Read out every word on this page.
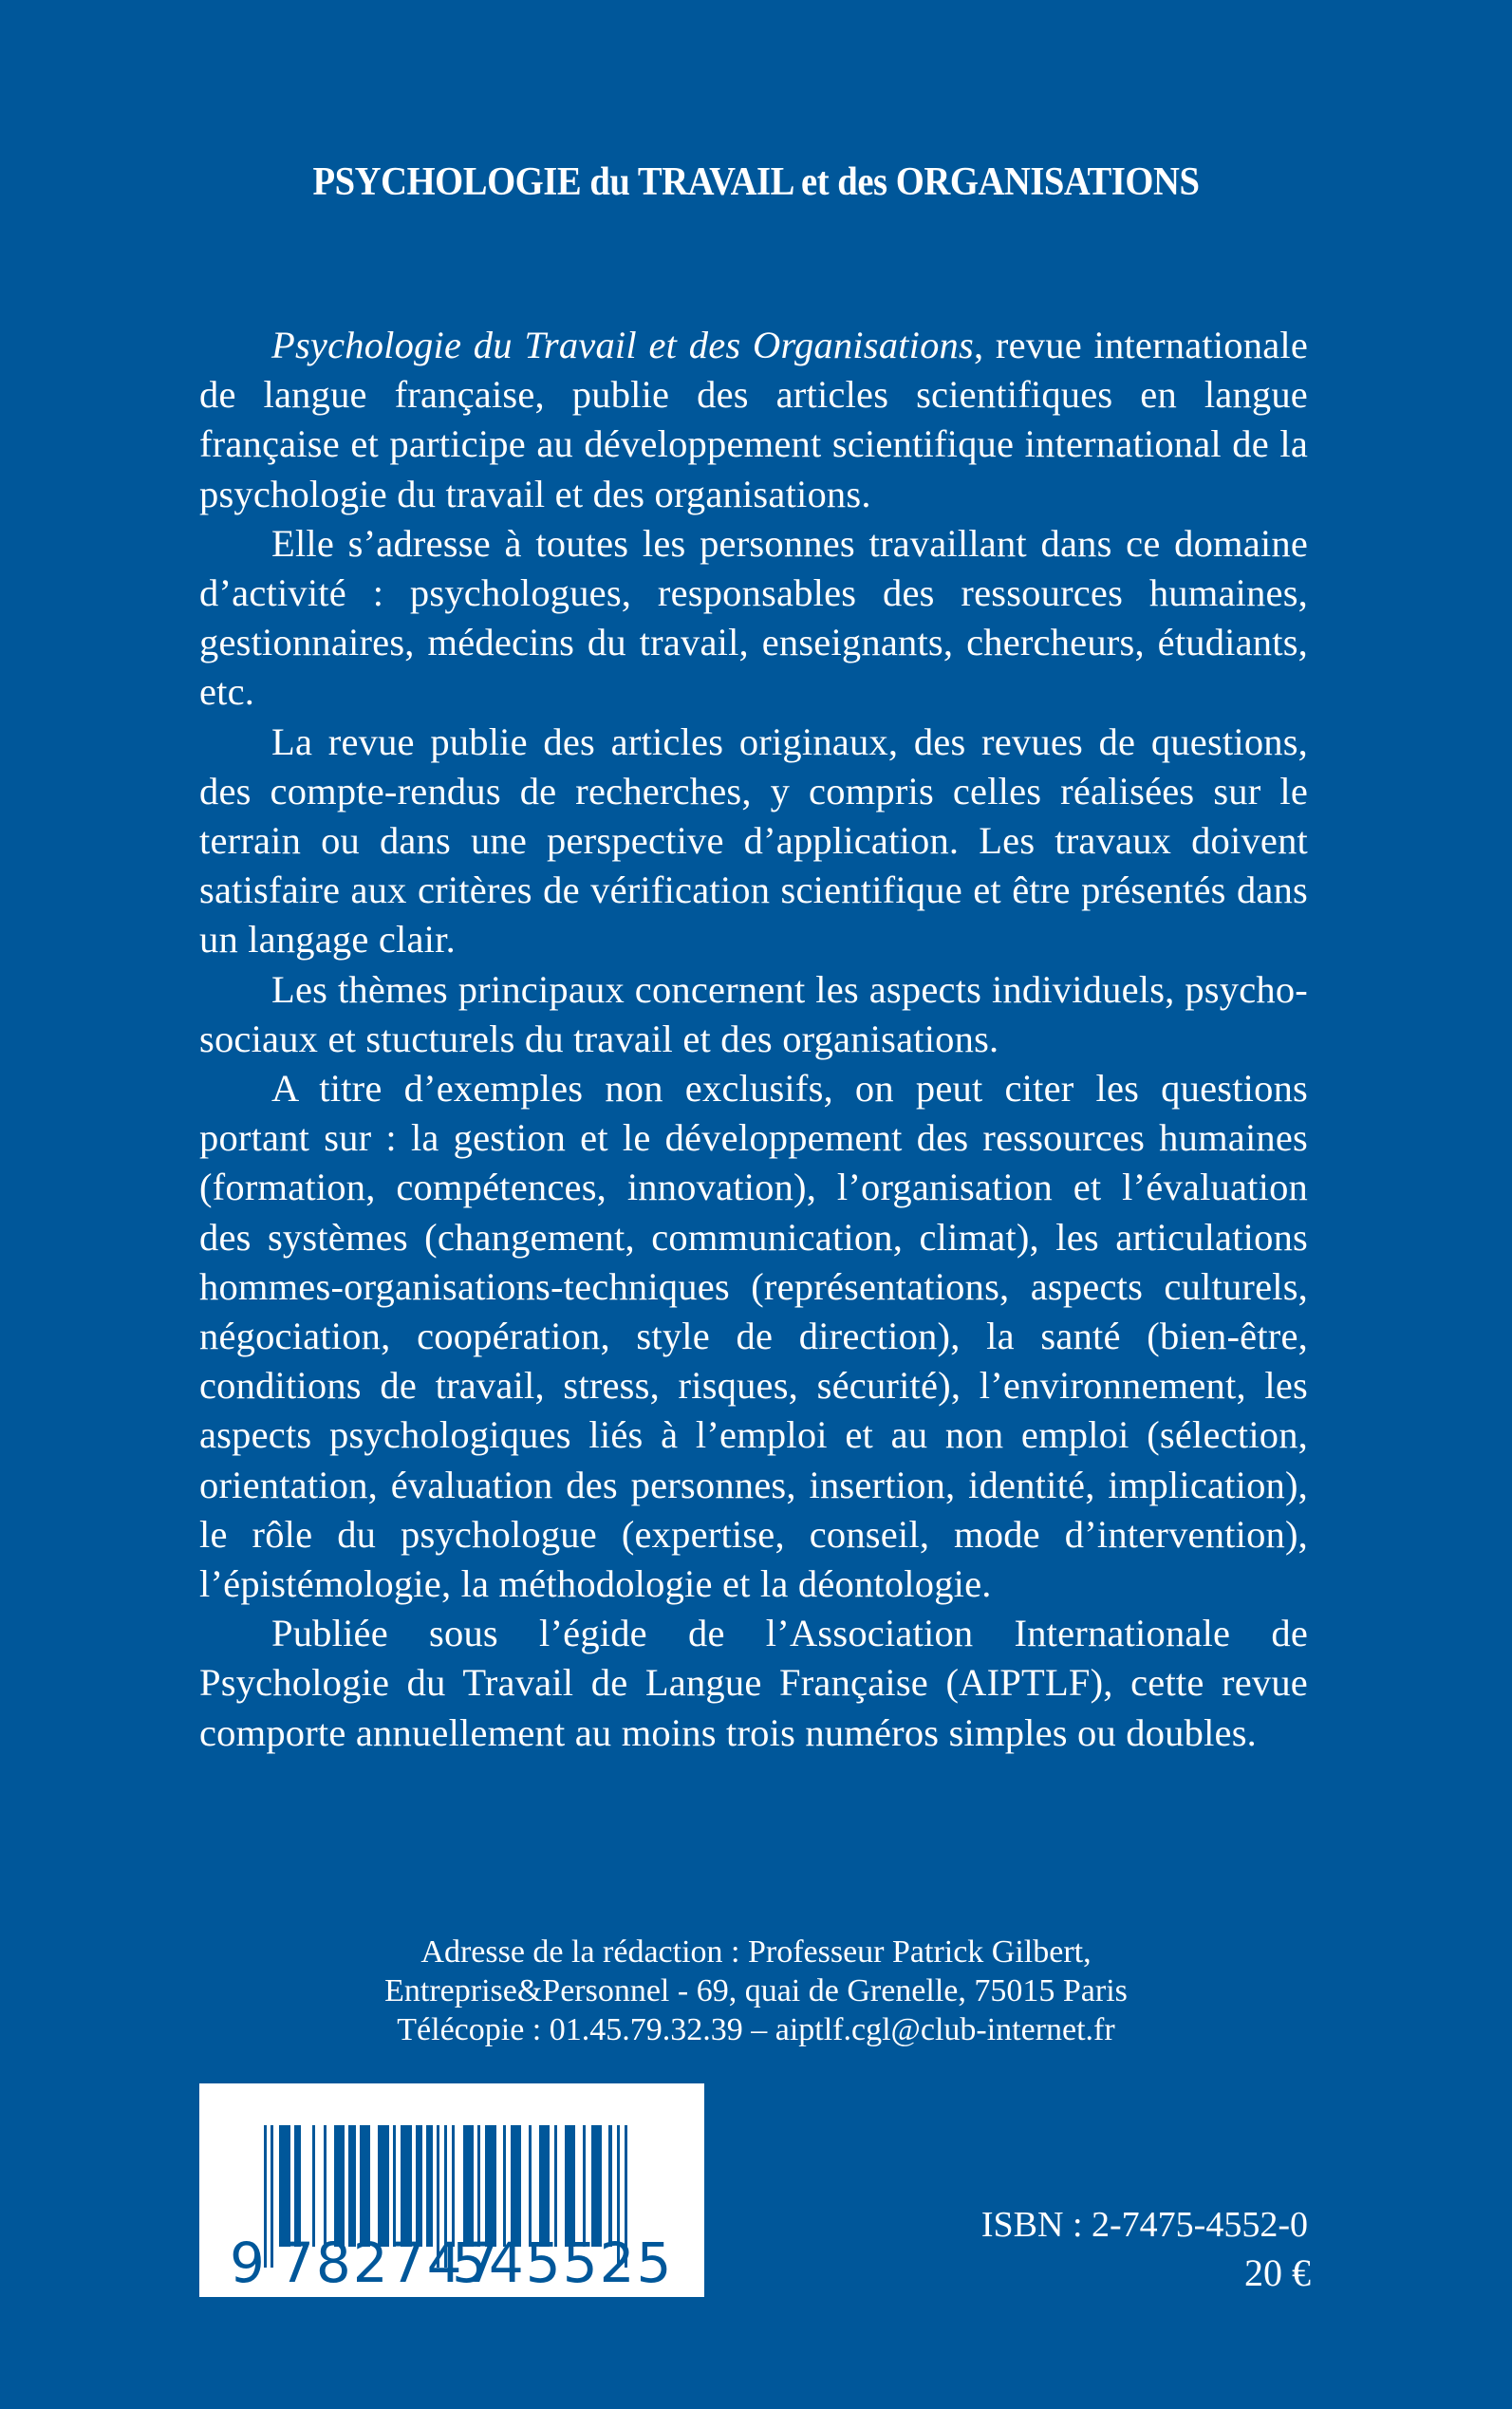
PSYCHOLOGIE du TRAVAIL et des ORGANISATIONS

Psychologie du Travail et des Organisations, revue internationale de langue française, publie des articles scientifiques en langue française et participe au développement scientifique international de la psychologie du travail et des organisations.

Elle s’adresse à toutes les personnes travaillant dans ce domaine d’activité : psychologues, responsables des ressources humaines, gestionnaires, médecins du travail, enseignants, chercheurs, étudiants, etc.

La revue publie des articles originaux, des revues de questions, des compte-rendus de recherches, y compris celles réalisées sur le terrain ou dans une perspective d’application. Les travaux doivent satisfaire aux critères de vérification scientifique et être présentés dans un langage clair.

Les thèmes principaux concernent les aspects individuels, psycho-sociaux et stucturels du travail et des organisations.

A titre d’exemples non exclusifs, on peut citer les questions portant sur : la gestion et le développement des ressources humaines (formation, compétences, innovation), l’organisation et l’évaluation des systèmes (changement, communication, climat), les articulations hommes-organisations-techniques (représentations, aspects culturels, négociation, coopération, style de direction), la santé (bien-être, conditions de travail, stress, risques, sécurité), l’environnement, les aspects psychologiques liés à l’emploi et au non emploi (sélection, orientation, évaluation des personnes, insertion, identité, implication), le rôle du psychologue (expertise, conseil, mode d’intervention), l’épistémologie, la méthodologie et la déontologie.

Publiée sous l’égide de l’Association Internationale de Psychologie du Travail de Langue Française (AIPTLF), cette revue comporte annuellement au moins trois numéros simples ou doubles.

Adresse de la rédaction : Professeur Patrick Gilbert,
Entreprise&Personnel - 69, quai de Grenelle, 75015 Paris
Télécopie : 01.45.79.32.39 – aiptlf.cgl@club-internet.fr
9 782747
545525
ISBN : 2-7475-4552-0
20 €
